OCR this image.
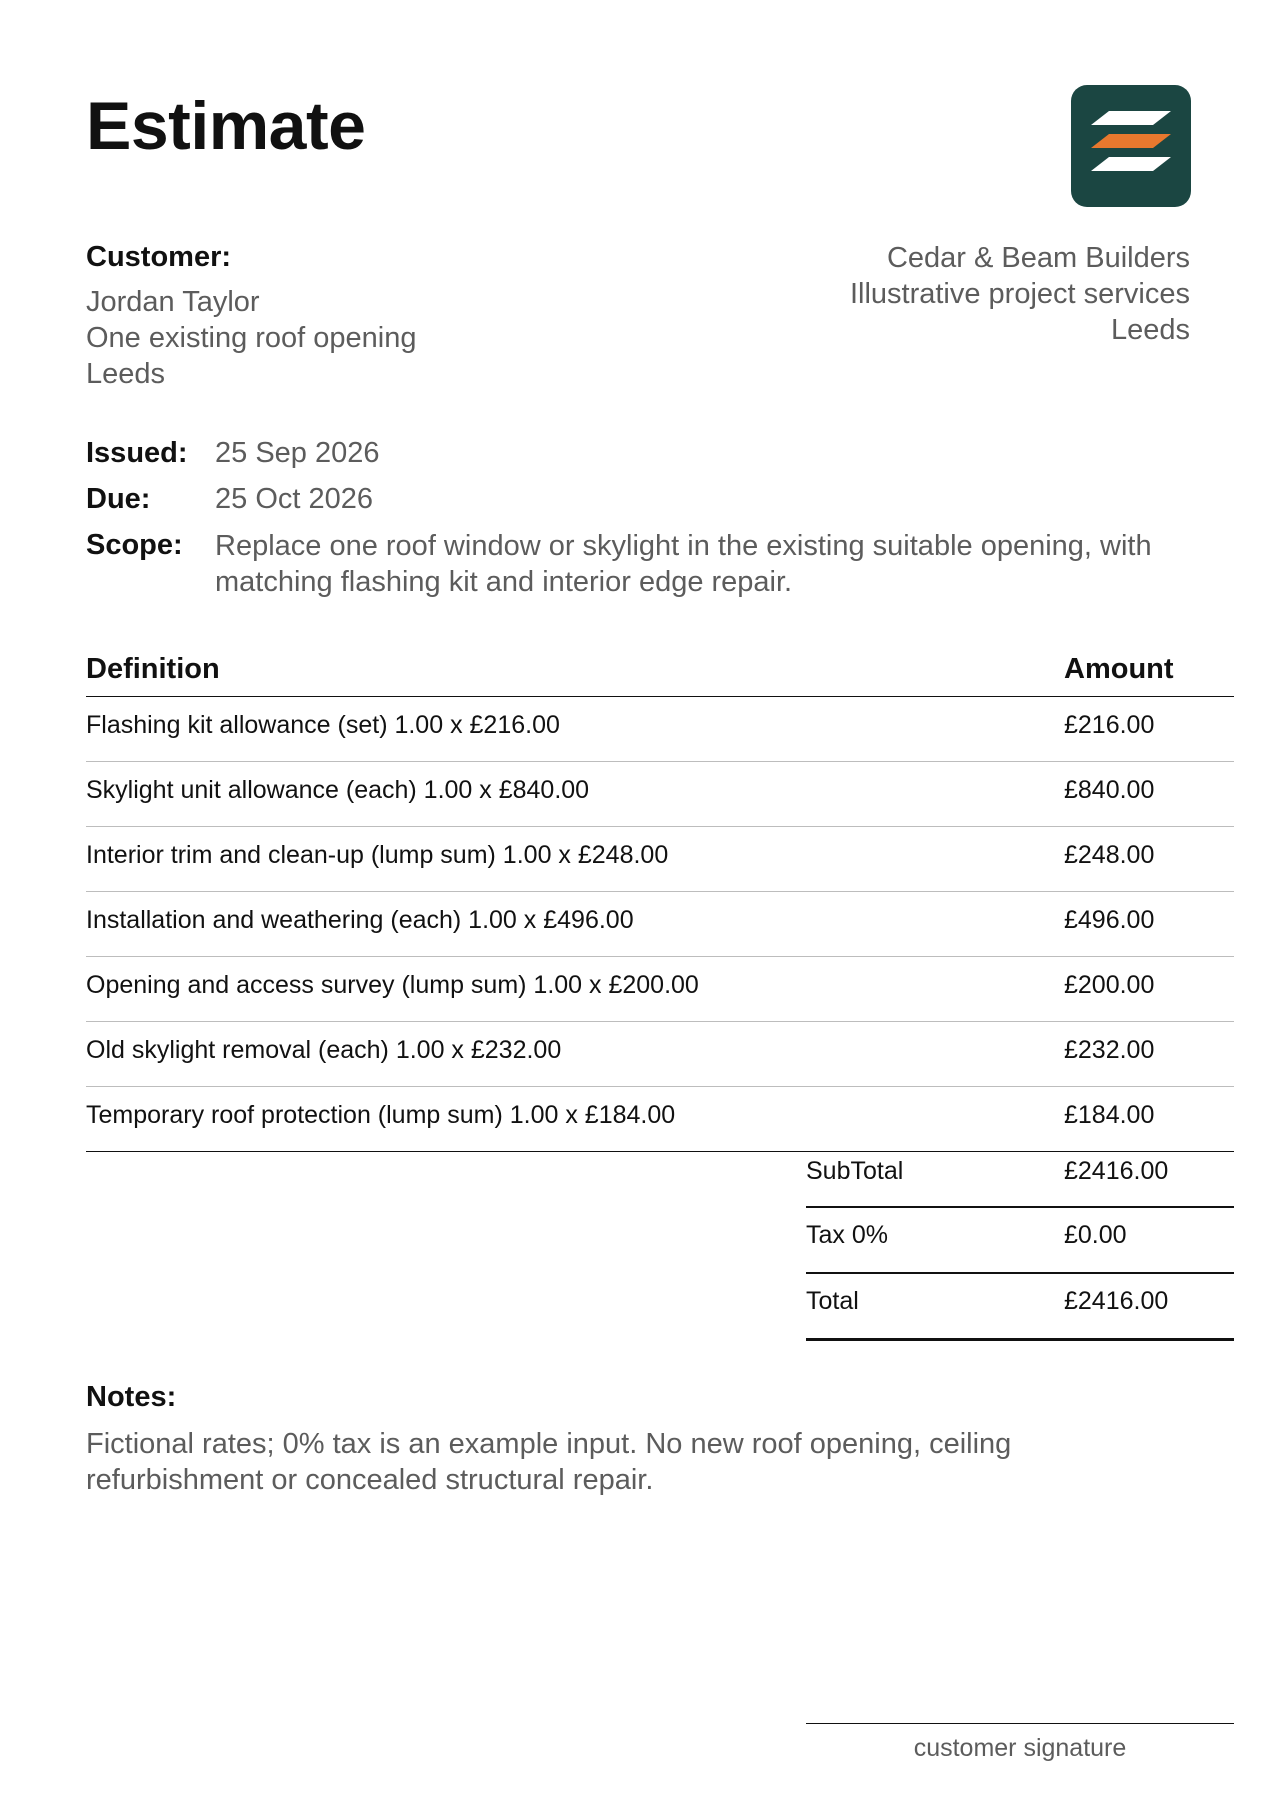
Estimate
Customer:
Jordan Taylor
One existing roof opening
Leeds
Cedar & Beam Builders
Illustrative project services
Leeds
Issued: 25 Sep 2026
Due: 25 Oct 2026
Scope: Replace one roof window or skylight in the existing suitable opening, with matching flashing kit and interior edge repair.
Definition	Amount
Flashing kit allowance (set) 1.00 x £216.00	£216.00
Skylight unit allowance (each) 1.00 x £840.00	£840.00
Interior trim and clean-up (lump sum) 1.00 x £248.00	£248.00
Installation and weathering (each) 1.00 x £496.00	£496.00
Opening and access survey (lump sum) 1.00 x £200.00	£200.00
Old skylight removal (each) 1.00 x £232.00	£232.00
Temporary roof protection (lump sum) 1.00 x £184.00	£184.00
SubTotal	£2416.00
Tax 0%	£0.00
Total	£2416.00
Notes:
Fictional rates; 0% tax is an example input. No new roof opening, ceiling refurbishment or concealed structural repair.
customer signature
